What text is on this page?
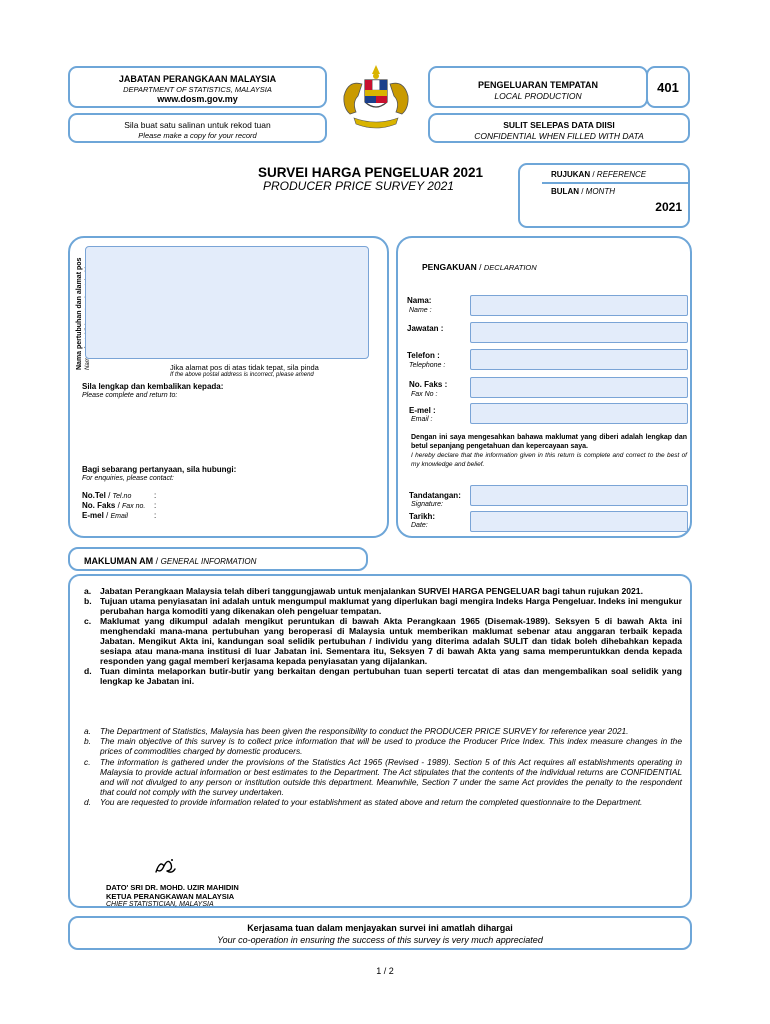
JABATAN PERANGKAAN MALAYSIA
DEPARTMENT OF STATISTICS, MALAYSIA
www.dosm.gov.my
Sila buat satu salinan untuk rekod tuan
Please make a copy for your record
PENGELUARAN TEMPATAN
LOCAL PRODUCTION
401
SULIT SELEPAS DATA DIISI
CONFIDENTIAL WHEN FILLED WITH DATA
SURVEI HARGA PENGELUAR 2021
PRODUCER PRICE SURVEY 2021
RUJUKAN / REFERENCE
BULAN / MONTH
2021
Nama pertubuhan dan alamat pos	Jika alamat pos di atas tidak tepat, sila pinda
If the above postal address is incorrect, please amend
Sila lengkap dan kembalikan kepada:
Please complete and return to:
Bagi sebarang pertanyaan, sila hubungi:
For enquiries, please contact:
No.Tel / Tel.no	:
No. Faks / Fax no. :
E-mel / Email	:
PENGAKUAN / DECLARATION
Nama:
Name :
Jawatan :
Telefon :
Telephone :
No. Faks :
Fax No :
E-mel :
Email :
Dengan ini saya mengesahkan bahawa maklumat yang diberi adalah lengkap dan betul sepanjang pengetahuan dan kepercayaan saya.
I hereby declare that the information given in this return is complete and correct to the best of my knowledge and belief.
Tandatangan:
Signature:
Tarikh:
Date:
MAKLUMAN AM / GENERAL INFORMATION
a. Jabatan Perangkaan Malaysia telah diberi tanggungjawab untuk menjalankan SURVEI HARGA PENGELUAR bagi tahun rujukan 2021.
b. Tujuan utama penyiasatan ini adalah untuk mengumpul maklumat yang diperlukan bagi mengira Indeks Harga Pengeluar. Indeks ini mengukur perubahan harga komoditi yang dikenakan oleh pengeluar tempatan.
c. Maklumat yang dikumpul adalah mengikut peruntukan di bawah Akta Perangkaan 1965 (Disemak-1989). Seksyen 5 di bawah Akta ini menghendaki mana-mana pertubuhan yang beroperasi di Malaysia untuk memberikan maklumat sebenar atau anggaran terbaik kepada Jabatan. Mengikut Akta ini, kandungan soal selidik pertubuhan / individu yang diterima adalah SULIT dan tidak boleh dihebahkan kepada sesiapa atau mana-mana institusi di luar Jabatan ini. Sementara itu, Seksyen 7 di bawah Akta yang sama memperuntukkan denda kepada responden yang gagal memberi kerjasama kepada penyiasatan yang dijalankan.
d. Tuan diminta melaporkan butir-butir yang berkaitan dengan pertubuhan tuan seperti tercatat di atas dan mengembalikan soal selidik yang lengkap ke Jabatan ini.
a. The Department of Statistics, Malaysia has been given the responsibility to conduct the PRODUCER PRICE SURVEY for reference year 2021.
b. The main objective of this survey is to collect price information that will be used to produce the Producer Price Index. This index measure changes in the prices of commodities charged by domestic producers.
c. The information is gathered under the provisions of the Statistics Act 1965 (Revised - 1989). Section 5 of this Act requires all establishments operating in Malaysia to provide actual information or best estimates to the Department. The Act stipulates that the contents of the individual returns are CONFIDENTIAL and will not divulged to any person or institution outside this department. Meanwhile, Section 7 under the same Act provides the penalty to the respondent that could not comply with the survey undertaken.
d. You are requested to provide information related to your establishment as stated above and return the completed questionnaire to the Department.
DATO' SRI DR. MOHD. UZIR MAHIDIN
KETUA PERANGKAWAN MALAYSIA
CHIEF STATISTICIAN, MALAYSIA
Kerjasama tuan dalam menjayakan survei ini amatlah dihargai
Your co-operation in ensuring the success of this survey is very much appreciated
1 / 2
